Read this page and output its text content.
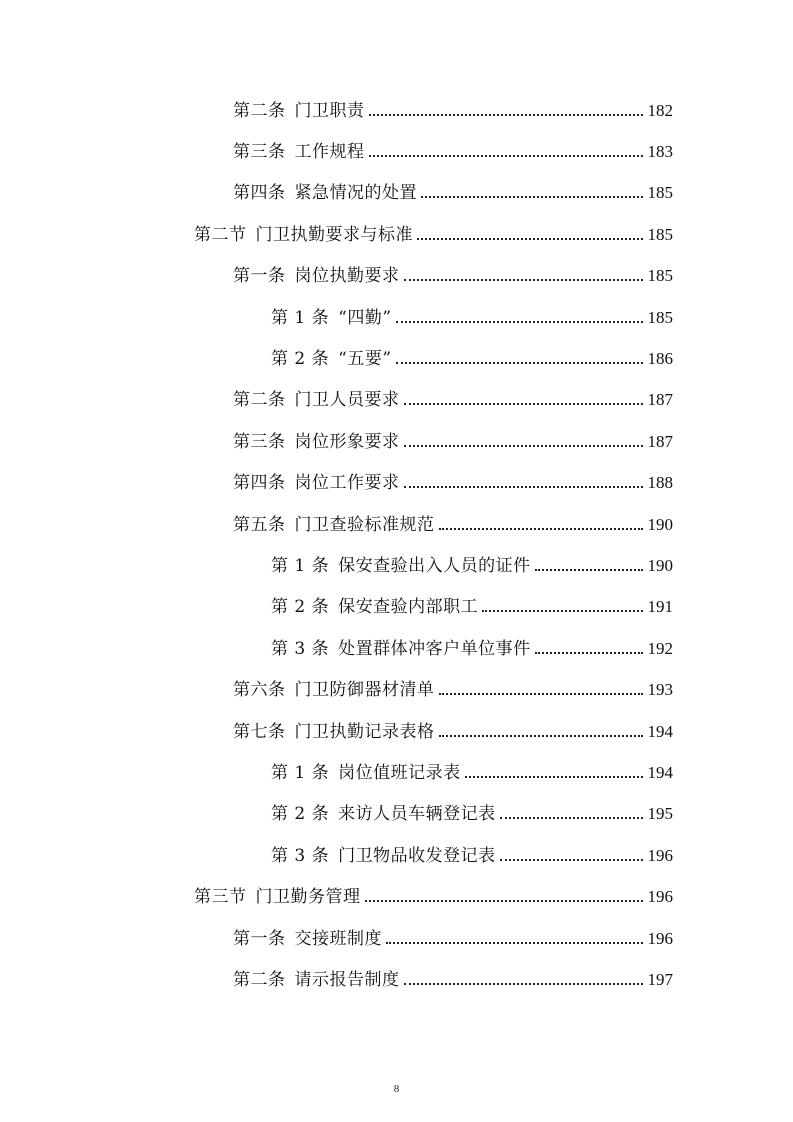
第二条 门卫职责	182
第三条 工作规程	183
第四条 紧急情况的处置	185
第二节 门卫执勤要求与标准	185
第一条 岗位执勤要求	185
第 1 条 “四勤”	185
第 2 条 “五要”	186
第二条 门卫人员要求	187
第三条 岗位形象要求	187
第四条 岗位工作要求	188
第五条 门卫查验标准规范	190
第 1 条 保安查验出入人员的证件	190
第 2 条 保安查验内部职工	191
第 3 条 处置群体冲客户单位事件	192
第六条 门卫防御器材清单	193
第七条 门卫执勤记录表格	194
第 1 条 岗位值班记录表	194
第 2 条 来访人员车辆登记表	195
第 3 条 门卫物品收发登记表	196
第三节 门卫勤务管理	196
第一条 交接班制度	196
第二条 请示报告制度	197
8
